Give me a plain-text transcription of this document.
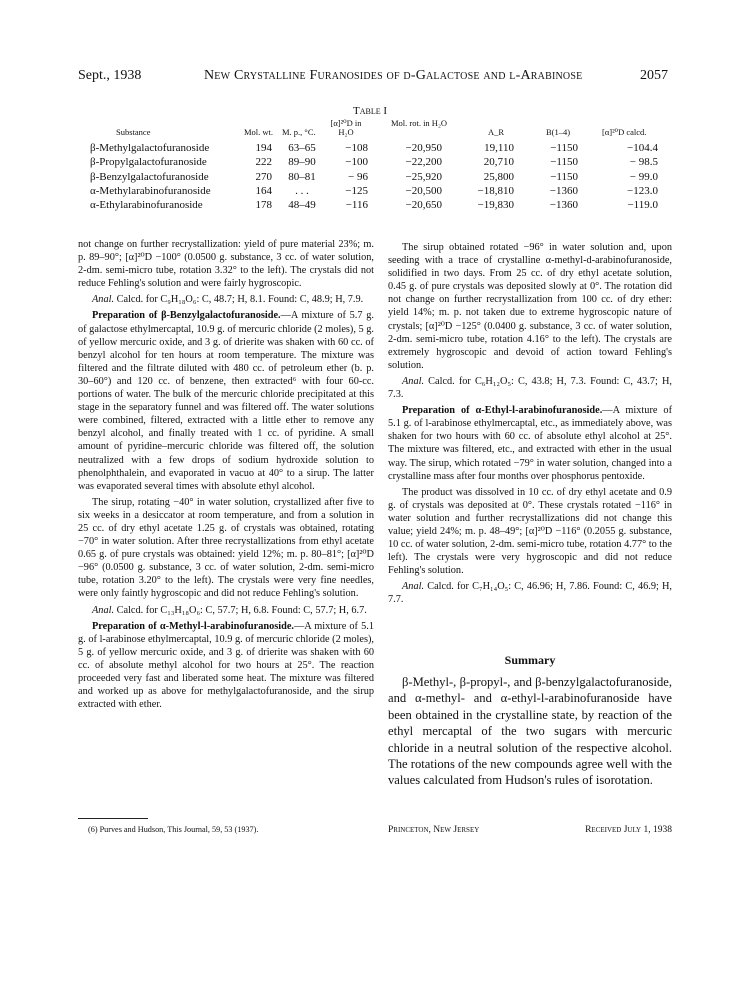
Sept., 1938	New Crystalline Furanosides of d-Galactose and l-Arabinose	2057
Table I
Substance	Mol. wt. M. p., °C.
[α]²⁰D in H₂O
Mol. rot. in H₂O
A_R	B(1–4)	[α]²⁰D calcd.
β-Methylgalactofuranoside	194	63–65	−108	−20,950	19,110	−1150	−104.4
β-Propylgalactofuranoside	222	89–90	−100	−22,200	20,710	−1150	− 98.5
β-Benzylgalactofuranoside	270	80–81	− 96	−25,920	25,800	−1150	− 99.0
α-Methylarabinofuranoside	164	. . .	−125	−20,500	−18,810	−1360	−123.0
α-Ethylarabinofuranoside	178	48–49	−116	−20,650	−19,830	−1360	−119.0

not change on further recrystallization: yield of pure material 23%; m. p. 89–90°; [α]²⁰D −100° (0.0500 g. substance, 3 cc. of water solution, 2-dm. semi-micro tube, rotation 3.32° to the left). The crystals did not reduce Fehling's solution and were fairly hygroscopic.

Anal. Calcd. for C₉H₁₈O₆: C, 48.7; H, 8.1. Found: C, 48.9; H, 7.9.

Preparation of β-Benzylgalactofuranoside.—A mixture of 5.7 g. of galactose ethylmercaptal, 10.9 g. of mercuric chloride (2 moles), 5 g. of yellow mercuric oxide, and 3 g. of drierite was shaken with 60 cc. of benzyl alcohol for ten hours at room temperature. The mixture was filtered and the filtrate diluted with 480 cc. of petroleum ether (b. p. 30–60°) and 120 cc. of benzene, then extracted⁶ with four 60-cc. portions of water. The bulk of the mercuric chloride precipitated at this stage in the separatory funnel and was filtered off. The water solutions were combined, filtered, extracted with a little ether to remove any benzyl alcohol, and finally treated with 1 cc. of pyridine. A small amount of pyridine–mercuric chloride was filtered off, the solution neutralized with a few drops of sodium hydroxide solution to phenolphthalein, and evaporated in vacuo at 40° to a sirup. The latter was evaporated several times with absolute ethyl alcohol.

The sirup, rotating −40° in water solution, crystallized after five to six weeks in a desiccator at room temperature, and from a solution in 25 cc. of dry ethyl acetate 1.25 g. of crystals was obtained, rotating −70° in water solution. After three recrystallizations from ethyl acetate 0.65 g. of pure crystals was obtained: yield 12%; m. p. 80–81°; [α]²⁰D −96° (0.0500 g. substance, 3 cc. of water solution, 2-dm. semi-micro tube, rotation 3.20° to the left). The crystals were very fine needles, were only faintly hygroscopic and did not reduce Fehling's solution.

Anal. Calcd. for C₁₃H₁₈O₆: C, 57.7; H, 6.8. Found: C, 57.7; H, 6.7.

Preparation of α-Methyl-l-arabinofuranoside.—A mixture of 5.1 g. of l-arabinose ethylmercaptal, 10.9 g. of mercuric chloride (2 moles), 5 g. of yellow mercuric oxide, and 3 g. of drierite was shaken with 60 cc. of absolute methyl alcohol for two hours at 25°. The reaction proceeded very fast and liberated some heat. The mixture was filtered and worked up as above for methylgalactofuranoside, and the sirup extracted with ether.

The sirup obtained rotated −96° in water solution and, upon seeding with a trace of crystalline α-methyl-d-arabinofuranoside, solidified in two days. From 25 cc. of dry ethyl acetate solution, 0.45 g. of pure crystals was deposited slowly at 0°. The rotation did not change on further recrystallization from 100 cc. of dry ether: yield 14%; m. p. not taken due to extreme hygroscopic nature of crystals; [α]²⁰D −125° (0.0400 g. substance, 3 cc. of water solution, 2-dm. semi-micro tube, rotation 4.16° to the left). The crystals are extremely hygroscopic and devoid of action toward Fehling's solution.

Anal. Calcd. for C₆H₁₂O₅: C, 43.8; H, 7.3. Found: C, 43.7; H, 7.3.

Preparation of α-Ethyl-l-arabinofuranoside.—A mixture of 5.1 g. of l-arabinose ethylmercaptal, etc., as immediately above, was shaken for two hours with 60 cc. of absolute ethyl alcohol at 25°. The mixture was filtered, etc., and extracted with ether in the usual way. The sirup, which rotated −79° in water solution, changed into a crystalline mass after four months over phosphorus pentoxide.

The product was dissolved in 10 cc. of dry ethyl acetate and 0.9 g. of crystals was deposited at 0°. These crystals rotated −116° in water solution and further recrystallizations did not change this value; yield 24%; m. p. 48–49°; [α]²⁰D −116° (0.2055 g. substance, 10 cc. of water solution, 2-dm. semi-micro tube, rotation 4.77° to the left). The crystals were very hygroscopic and did not reduce Fehling's solution.

Anal. Calcd. for C₇H₁₄O₅: C, 46.96; H, 7.86. Found: C, 46.9; H, 7.7.

Summary

β-Methyl-, β-propyl-, and β-benzylgalactofuranoside, and α-methyl- and α-ethyl-l-arabinofuranoside have been obtained in the crystalline state, by reaction of the ethyl mercaptal of the two sugars with mercuric chloride in a neutral solution of the respective alcohol. The rotations of the new compounds agree well with the values calculated from Hudson's rules of isorotation.

(6) Purves and Hudson, This Journal, 59, 53 (1937).	Princeton, New Jersey	Received July 1, 1938
